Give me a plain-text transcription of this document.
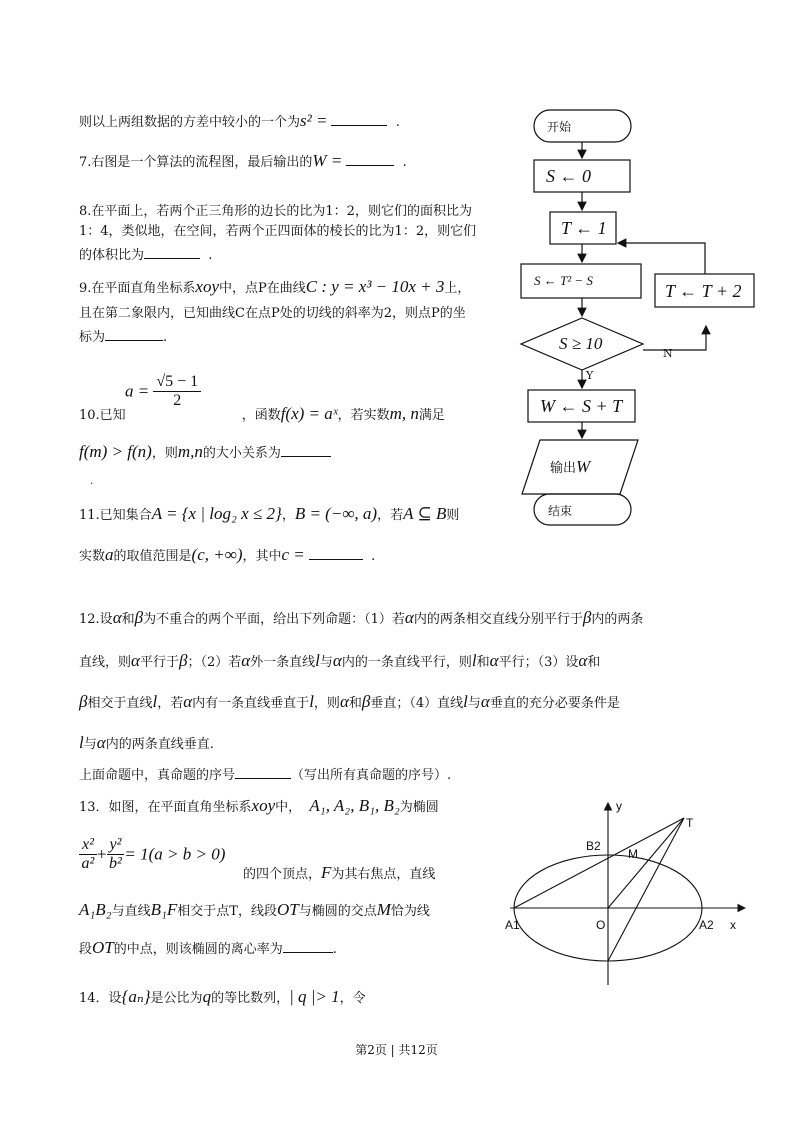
则以上两组数据的方差中较小的一个为s² =	.
7.右图是一个算法的流程图，最后输出的W =	.
8.在平面上，若两个正三角形的边长的比为1：2，则它们的面积比为
1：4，类似地，在空间，若两个正四面体的棱长的比为1：2，则它们
的体积比为	.
9.在平面直角坐标系xoy中，点P在曲线C : y = x³ − 10x + 3上，
且在第二象限内，已知曲线C在点P处的切线的斜率为2，则点P的坐
标为	.
$a = \frac{√5 - 1}{2}$
10.已知	，函数f(x) = aˣ，若实数m, n满足
f(m) > f(n)，则m,n的大小关系为
.
11.已知集合A = {x | log₂ x ≤ 2}，B = (−∞, a)，若A ⊆ B则
实数a的取值范围是(c, +∞)，其中c =	.
12.设α和β为不重合的两个平面，给出下列命题：（1）若α内的两条相交直线分别平行于β内的两条
直线，则α平行于β；（2）若α外一条直线l与α内的一条直线平行，则l和α平行；（3）设α和
β相交于直线l，若α内有一条直线垂直于l，则α和β垂直；（4）直线l与α垂直的充分必要条件是
l与α内的两条直线垂直.
上面命题中，真命题的序号	（写出所有真命题的序号）.
13．如图，在平面直角坐标系xoy中， A₁, A₂, B₁, B₂为椭圆
$\frac{\text{x²}}{\text{a²}} + \frac{\text{y²}}{\text{b²}} = 1(a > b > 0)$
的四个顶点，F为其右焦点，直线
A₁B₂与直线B₁F相交于点T，线段OT与椭圆的交点M恰为线
段OT的中点，则该椭圆的离心率为	.
14．设{aₙ}是公比为q的等比数列，| q |> 1，令
开始
S ← 0
T ← 1
S ← T² − S
T ← T + 2
S ≥ 10
N
Y
W ← S + T
输出W
结束
y
x
T
B2
M
A1	O	A2
第2页 | 共12页
